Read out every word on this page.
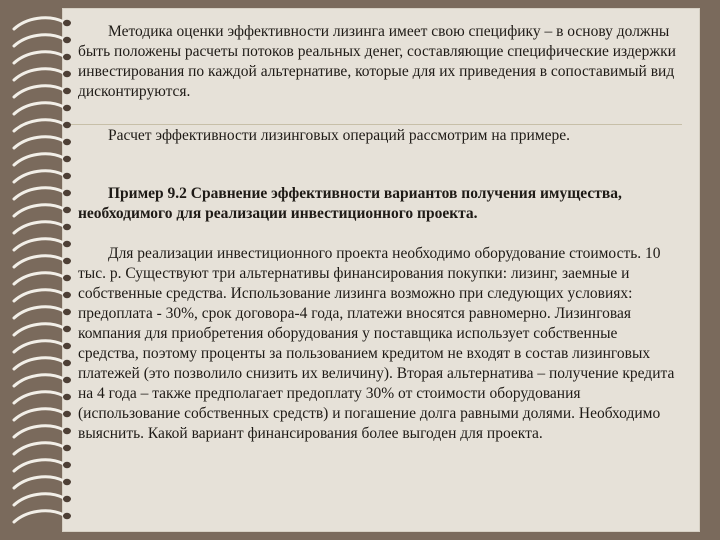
Методика оценки эффективности лизинга имеет свою специфику – в основу должны быть положены расчеты потоков реальных денег, составляющие специфические издержки инвестирования по каждой альтернативе, которые для их приведения в сопоставимый вид дисконтируются.

Расчет эффективности лизинговых операций рассмотрим на примере.

Пример 9.2 Сравнение эффективности вариантов получения имущества, необходимого для реализации инвестиционного проекта.

Для реализации инвестиционного проекта необходимо оборудование стоимость. 10 тыс. р. Существуют три альтернативы финансирования покупки: лизинг, заемные и собственные средства. Использование лизинга возможно при следующих условиях: предоплата - 30%, срок договора-4 года, платежи вносятся равномерно. Лизинговая компания для приобретения оборудования у поставщика использует собственные средства, поэтому проценты за пользованием кредитом не входят в состав лизинговых платежей (это позволило снизить их величину). Вторая альтернатива – получение кредита на 4 года – также предполагает предоплату 30% от стоимости оборудования (использование собственных средств) и погашение долга равными долями. Необходимо выяснить. Какой вариант финансирования более выгоден для проекта.
